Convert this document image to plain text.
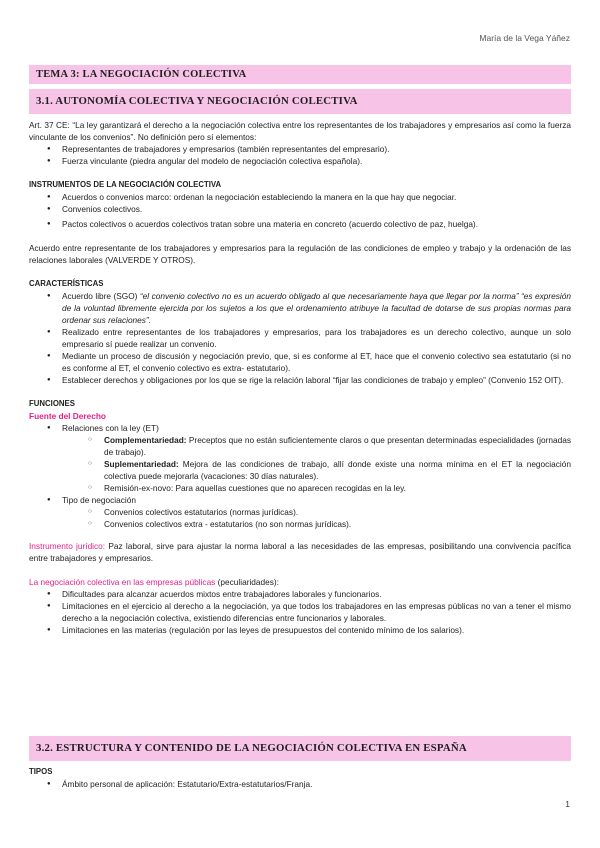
María de la Vega Yáñez
TEMA 3: LA NEGOCIACIÓN COLECTIVA
3.1. AUTONOMÍA COLECTIVA Y NEGOCIACIÓN COLECTIVA

Art. 37 CE: “La ley garantizará el derecho a la negociación colectiva entre los representantes de los trabajadores y empresarios así como la fuerza vinculante de los convenios”. No definición pero sí elementos:

● Representantes de trabajadores y empresarios (también representantes del empresario).
● Fuerza vinculante (piedra angular del modelo de negociación colectiva española).
INSTRUMENTOS DE LA NEGOCIACIÓN COLECTIVA
● Acuerdos o convenios marco: ordenan la negociación estableciendo la manera en la que hay que negociar.
● Convenios colectivos.
● Pactos colectivos o acuerdos colectivos tratan sobre una materia en concreto (acuerdo colectivo de paz, huelga).

Acuerdo entre representante de los trabajadores y empresarios para la regulación de las condiciones de empleo y trabajo y la ordenación de las relaciones laborales (VALVERDE Y OTROS).

CARACTERÍSTICAS
● Acuerdo libre (SGO) “el convenio colectivo no es un acuerdo obligado al que necesariamente haya que llegar por la norma” “es expresión de la voluntad libremente ejercida por los sujetos a los que el ordenamiento atribuye la facultad de dotarse de sus propias normas para ordenar sus relaciones”.
● Realizado entre representantes de los trabajadores y empresarios, para los trabajadores es un derecho colectivo, aunque un solo empresario sí puede realizar un convenio.
● Mediante un proceso de discusión y negociación previo, que, si es conforme al ET, hace que el convenio colectivo sea estatutario (si no es conforme al ET, el convenio colectivo es extra- estatutario).
● Establecer derechos y obligaciones por los que se rige la relación laboral “fijar las condiciones de trabajo y empleo” (Convenio 152 OIT).
FUNCIONES
Fuente del Derecho
● Relaciones con la ley (ET)
○ Complementariedad: Preceptos que no están suficientemente claros o que presentan determinadas especialidades (jornadas de trabajo).
○ Suplementariedad: Mejora de las condiciones de trabajo, allí donde existe una norma mínima en el ET la negociación colectiva puede mejorarla (vacaciones: 30 días naturales).
○ Remisión-ex-novo: Para aquellas cuestiones que no aparecen recogidas en la ley.
● Tipo de negociación
○ Convenios colectivos estatutarios (normas jurídicas).
○ Convenios colectivos extra - estatutarios (no son normas jurídicas).

Instrumento jurídico: Paz laboral, sirve para ajustar la norma laboral a las necesidades de las empresas, posibilitando una convivencia pacífica entre trabajadores y empresarios.

La negociación colectiva en las empresas públicas (peculiaridades):

● Dificultades para alcanzar acuerdos mixtos entre trabajadores laborales y funcionarios.
● Limitaciones en el ejercicio al derecho a la negociación, ya que todos los trabajadores en las empresas públicas no van a tener el mismo derecho a la negociación colectiva, existiendo diferencias entre funcionarios y laborales.
● Limitaciones en las materias (regulación por las leyes de presupuestos del contenido mínimo de los salarios).
3.2. ESTRUCTURA Y CONTENIDO DE LA NEGOCIACIÓN COLECTIVA EN ESPAÑA
TIPOS
● Ámbito personal de aplicación: Estatutario/Extra-estatutarios/Franja.
1
